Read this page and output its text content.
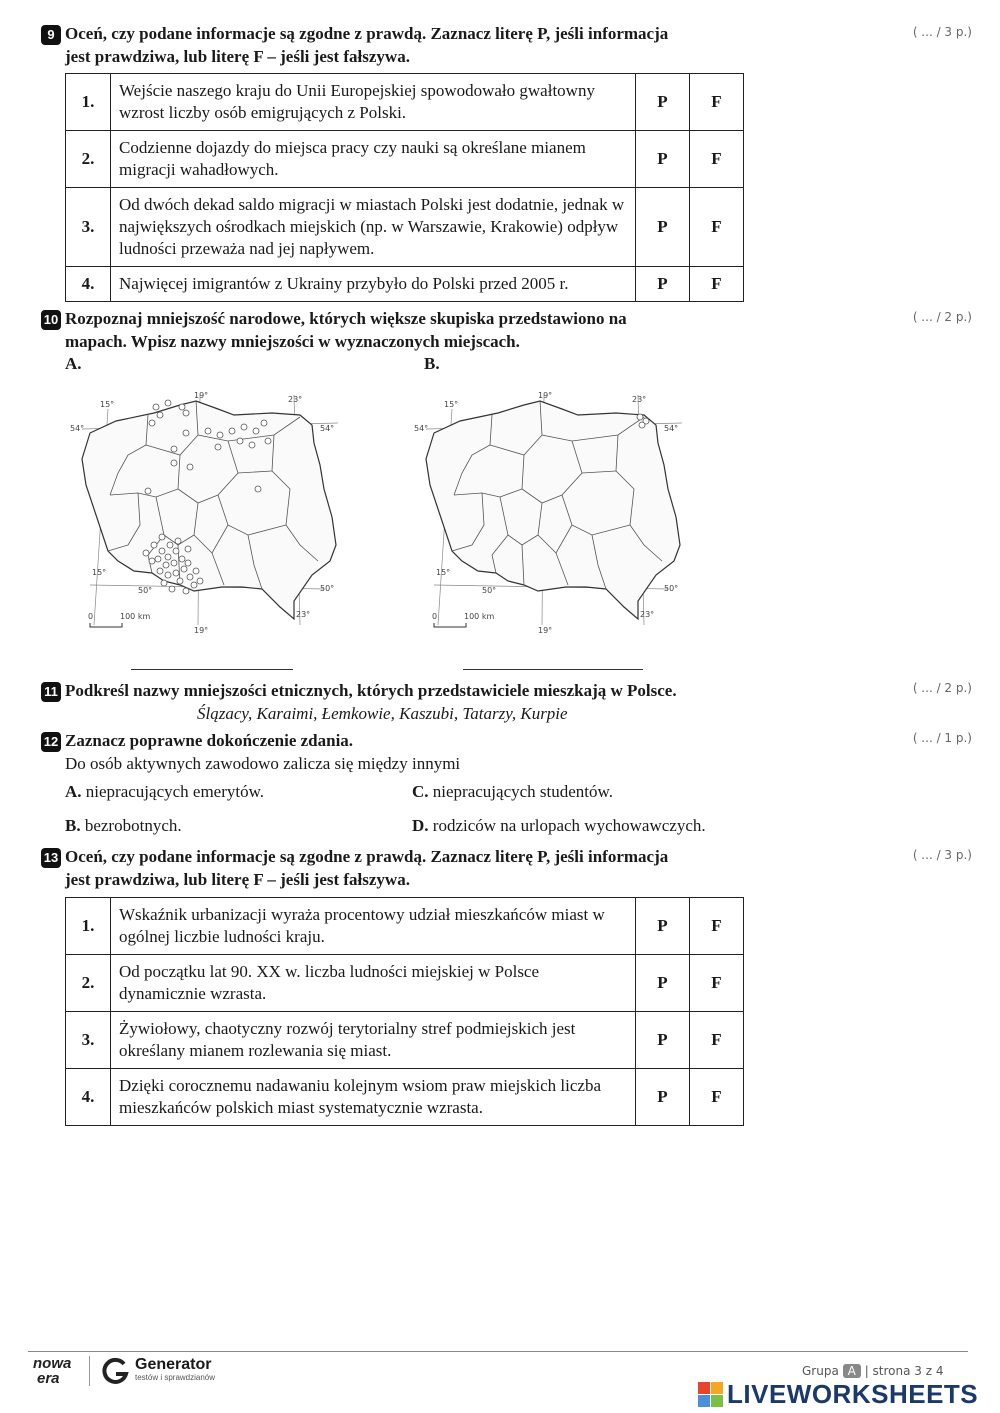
9 Oceń, czy podane informacje są zgodne z prawdą. Zaznacz literę P, jeśli informacja
jest prawdziwa, lub literę F – jeśli jest fałszywa.
( ... / 3 p.)
1.	Wejście naszego kraju do Unii Europejskiej spowodowało gwałtowny wzrost liczby osób emigrujących z Polski.	P	F
2.	Codzienne dojazdy do miejsca pracy czy nauki są określane mianem migracji wahadłowych.	P	F
3.	Od dwóch dekad saldo migracji w miastach Polski jest dodatnie, jednak w największych ośrodkach miejskich (np. w Warszawie, Krakowie) odpływ ludności przeważa nad jej napływem.	P	F
4.	Najwięcej imigrantów z Ukrainy przybyło do Polski przed 2005 r.	P	F
10 Rozpoznaj mniejszość narodowe, których większe skupiska przedstawiono na
mapach. Wpisz nazwy mniejszości w wyznaczonych miejscach.
( ... / 2 p.)
A.	B.
15°
19°	23°
54°	54°
15°
50°
50°
19°
23°
0	100 km
15°
19°	23°
54°	54°
15°
50°
50°
19°
23°
0	100 km
11 Podkreśl nazwy mniejszości etnicznych, których przedstawiciele mieszkają w Polsce.	( ... / 2 p.)
Ślązacy, Karaimi, Łemkowie, Kaszubi, Tatarzy, Kurpie
12 Zaznacz poprawne dokończenie zdania.	( ... / 1 p.)
Do osób aktywnych zawodowo zalicza się między innymi
A. niepracujących emerytów.	C. niepracujących studentów.
B. bezrobotnych.	D. rodziców na urlopach wychowawczych.
13 Oceń, czy podane informacje są zgodne z prawdą. Zaznacz literę P, jeśli informacja
jest prawdziwa, lub literę F – jeśli jest fałszywa.
( ... / 3 p.)
1.	Wskaźnik urbanizacji wyraża procentowy udział mieszkańców miast w ogólnej liczbie ludności kraju.	P	F
2.	Od początku lat 90. XX w. liczba ludności miejskiej w Polsce dynamicznie wzrasta.	P	F
3.	Żywiołowy, chaotyczny rozwój terytorialny stref podmiejskich jest określany mianem rozlewania się miast.	P	F
4.	Dzięki corocznemu nadawaniu kolejnym wsiom praw miejskich liczba mieszkańców polskich miast systematycznie wzrasta.	P	F
nowa
era
Generator
testów i sprawdzianów	Grupa A | strona 3 z 4
LIVEWORKSHEETS
